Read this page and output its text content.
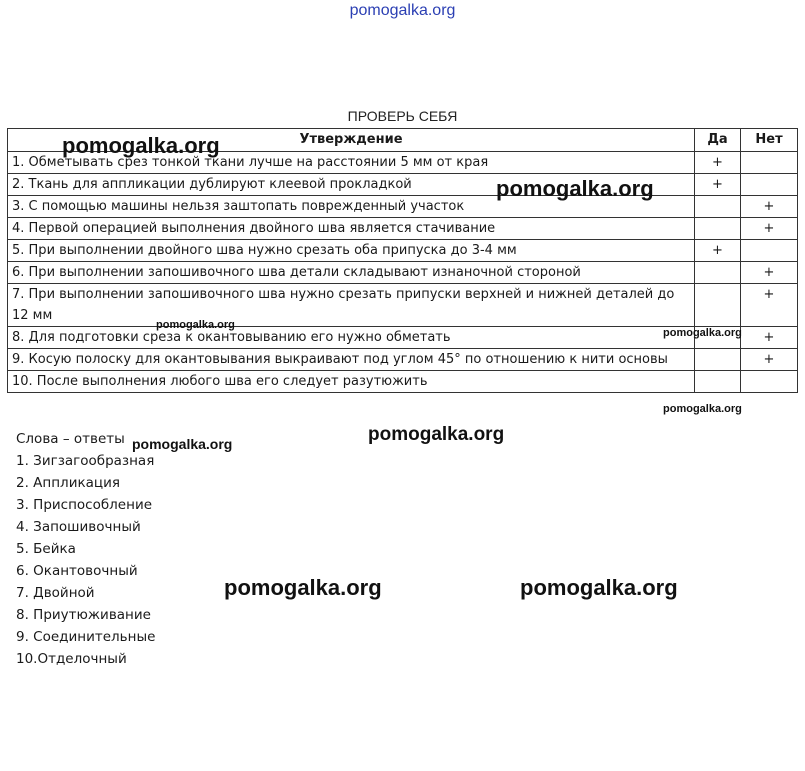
pomogalka.org
ПРОВЕРЬ СЕБЯ
Утверждение	Да	Нет
1. Обметывать срез тонкой ткани лучше на расстоянии 5 мм от края	+	
2. Ткань для аппликации дублируют клеевой прокладкой	+	
3. С помощью машины нельзя заштопать поврежденный участок		+
4. Первой операцией выполнения двойного шва является стачивание		+
5. При выполнении двойного шва нужно срезать оба припуска до 3-4 мм	+	
6. При выполнении запошивочного шва детали складывают изнаночной стороной		+
7. При выполнении запошивочного шва нужно срезать припуски верхней и нижней деталей до 12 мм		+
8. Для подготовки среза к окантовыванию его нужно обметать		+
9. Косую полоску для окантовывания выкраивают под углом 45° по отношению к нити основы		+
10. После выполнения любого шва его следует разутюжить		
Слова – ответы
1. Зигзагообразная
2. Аппликация
3. Приспособление
4. Запошивочный
5. Бейка
6. Окантовочный
7. Двойной
8. Приутюживание
9. Соединительные
10.Отделочный
pomogalka.org
pomogalka.org
pomogalka.org
pomogalka.org
pomogalka.org
pomogalka.org
pomogalka.org
pomogalka.org	pomogalka.org
